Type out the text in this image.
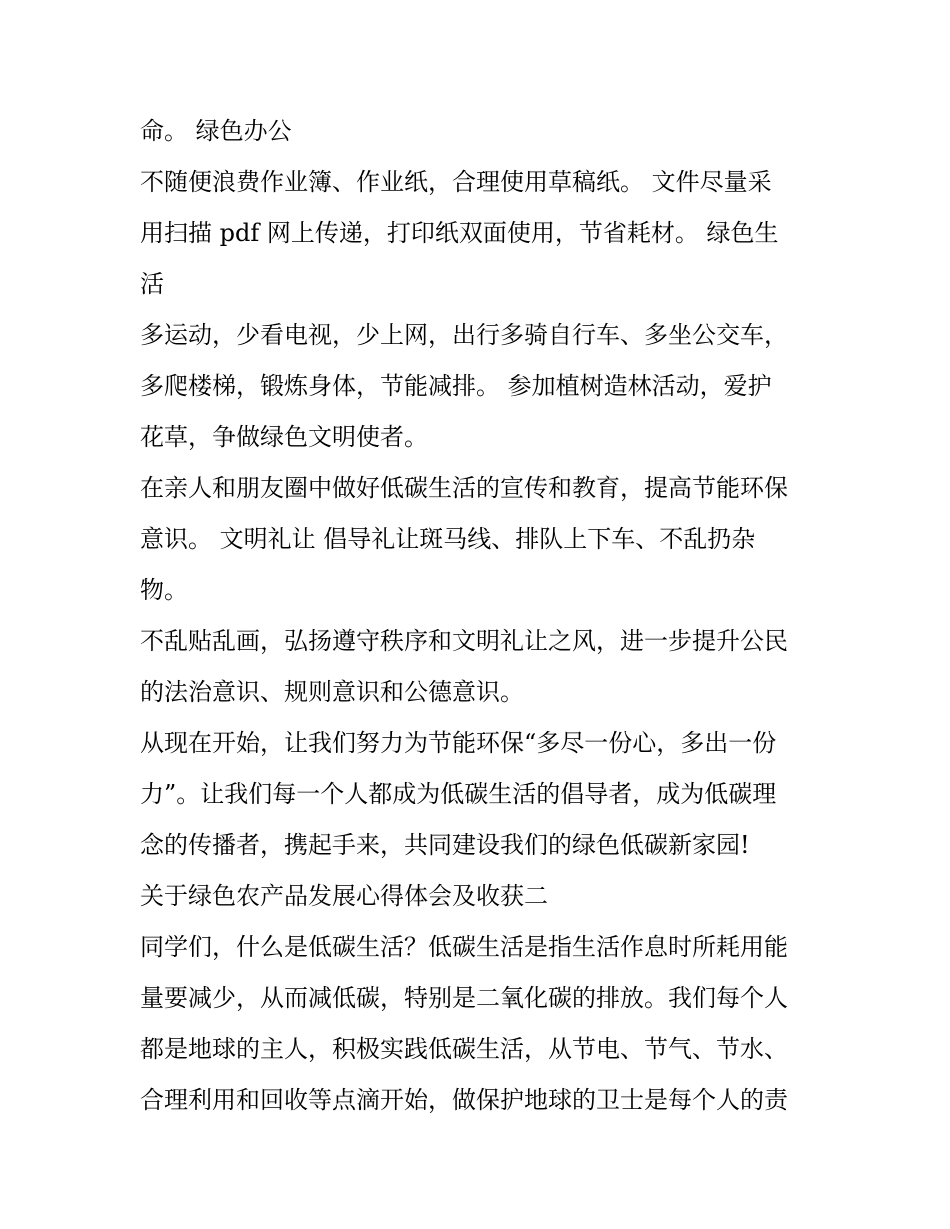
命。 绿色办公

不随便浪费作业簿、作业纸，合理使用草稿纸。 文件尽量采

用扫描 pdf 网上传递，打印纸双面使用，节省耗材。 绿色生

活

多运动，少看电视，少上网，出行多骑自行车、多坐公交车，

多爬楼梯，锻炼身体，节能减排。 参加植树造林活动，爱护

花草，争做绿色文明使者。

在亲人和朋友圈中做好低碳生活的宣传和教育，提高节能环保

意识。 文明礼让 倡导礼让斑马线、排队上下车、不乱扔杂

物。

不乱贴乱画，弘扬遵守秩序和文明礼让之风，进一步提升公民

的法治意识、规则意识和公德意识。

从现在开始，让我们努力为节能环保“多尽一份心，多出一份

力”。让我们每一个人都成为低碳生活的倡导者，成为低碳理

念的传播者，携起手来，共同建设我们的绿色低碳新家园!

关于绿色农产品发展心得体会及收获二

同学们，什么是低碳生活？低碳生活是指生活作息时所耗用能

量要减少，从而减低碳，特别是二氧化碳的排放。我们每个人

都是地球的主人，积极实践低碳生活，从节电、节气、节水、

合理利用和回收等点滴开始，做保护地球的卫士是每个人的责
